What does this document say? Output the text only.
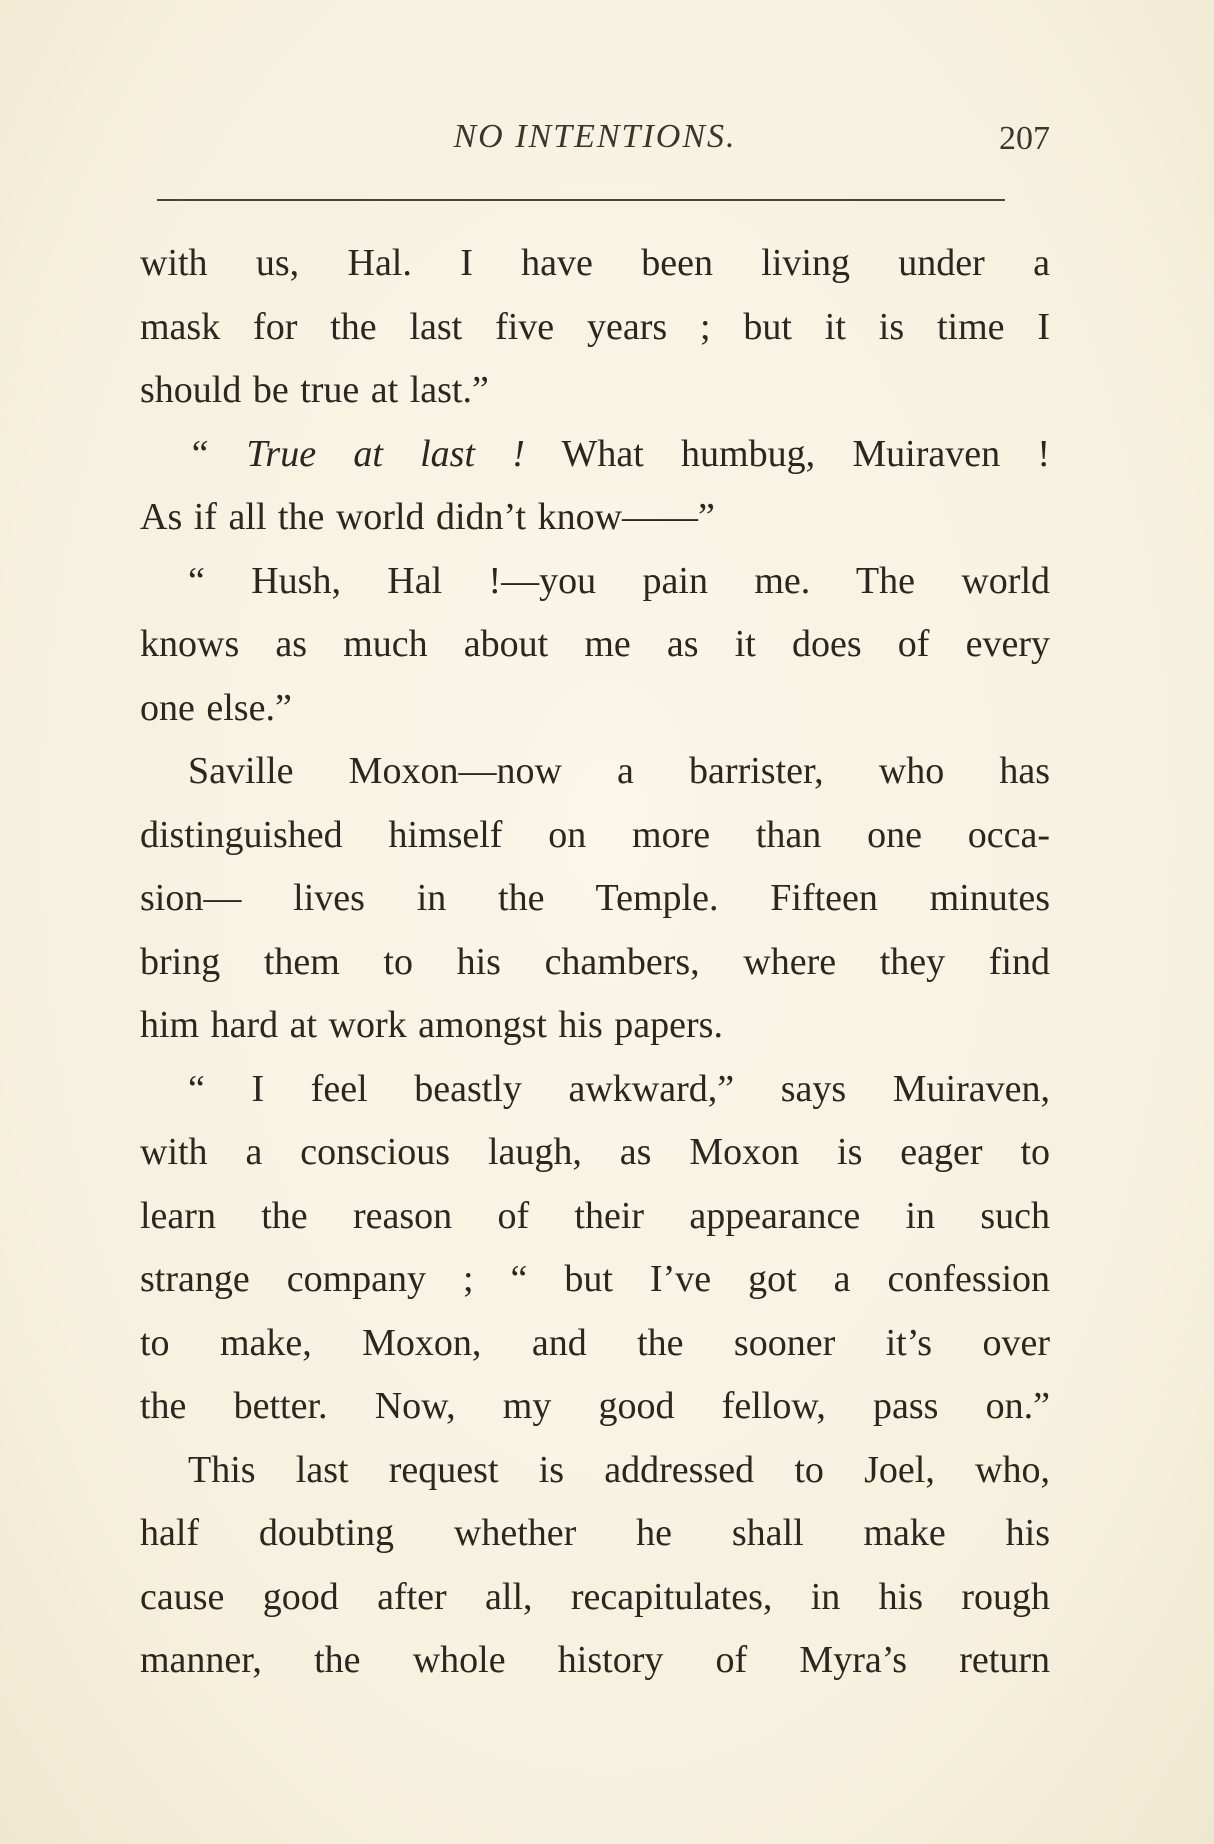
NO INTENTIONS.	207
with us, Hal. I have been living under a
mask for the last five years ; but it is time I
should be true at last.”
“ True at last ! What humbug, Muiraven !
As if all the world didn’t know——”
“ Hush, Hal !—you pain me. The world
knows as much about me as it does of every
one else.”
Saville Moxon—now a barrister, who has
distinguished himself on more than one occa-
sion— lives in the Temple. Fifteen minutes
bring them to his chambers, where they find
him hard at work amongst his papers.
“ I feel beastly awkward,” says Muiraven,
with a conscious laugh, as Moxon is eager to
learn the reason of their appearance in such
strange company ; “ but I’ve got a confession
to make, Moxon, and the sooner it’s over
the better. Now, my good fellow, pass on.”
This last request is addressed to Joel, who,
half doubting whether he shall make his
cause good after all, recapitulates, in his rough
manner, the whole history of Myra’s return
